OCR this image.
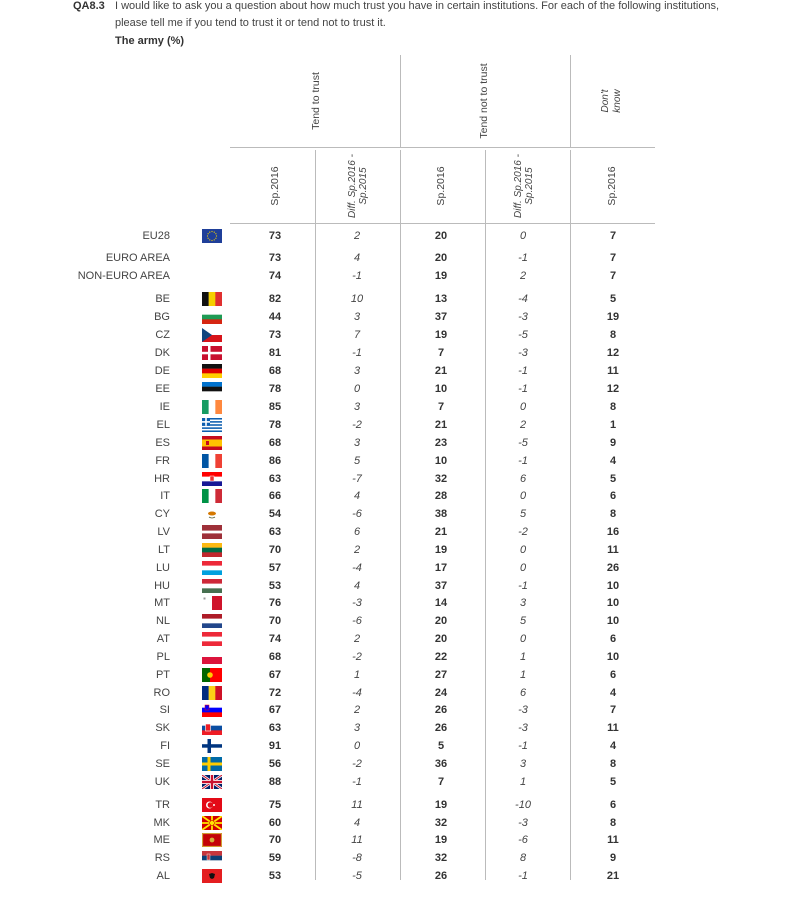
QA8.3 I would like to ask you a question about how much trust you have in certain institutions. For each of the following institutions, please tell me if you tend to trust it or tend not to trust it.
The army (%)
Tend to trust	Tend not to trust	Don't know
Sp.2016	Diff. Sp.2016 - Sp.2015	Sp.2016	Diff. Sp.2016 - Sp.2015	Sp.2016
EU28	73	2	20	0	7
EURO AREA	73	4	20	-1	7
NON-EURO AREA	74	-1	19	2	7
BE	82	10	13	-4	5
BG	44	3	37	-3	19
CZ	73	7	19	-5	8
DK	81	-1	7	-3	12
DE	68	3	21	-1	11
EE	78	0	10	-1	12
IE	85	3	7	0	8
EL	78	-2	21	2	1
ES	68	3	23	-5	9
FR	86	5	10	-1	4
HR	63	-7	32	6	5
IT	66	4	28	0	6
CY	54	-6	38	5	8
LV	63	6	21	-2	16
LT	70	2	19	0	11
LU	57	-4	17	0	26
HU	53	4	37	-1	10
MT	76	-3	14	3	10
NL	70	-6	20	5	10
AT	74	2	20	0	6
PL	68	-2	22	1	10
PT	67	1	27	1	6
RO	72	-4	24	6	4
SI	67	2	26	-3	7
SK	63	3	26	-3	11
FI	91	0	5	-1	4
SE	56	-2	36	3	8
UK	88	-1	7	1	5
TR	75	11	19	-10	6
MK	60	4	32	-3	8
ME	70	11	19	-6	11
RS	59	-8	32	8	9
AL	53	-5	26	-1	21
